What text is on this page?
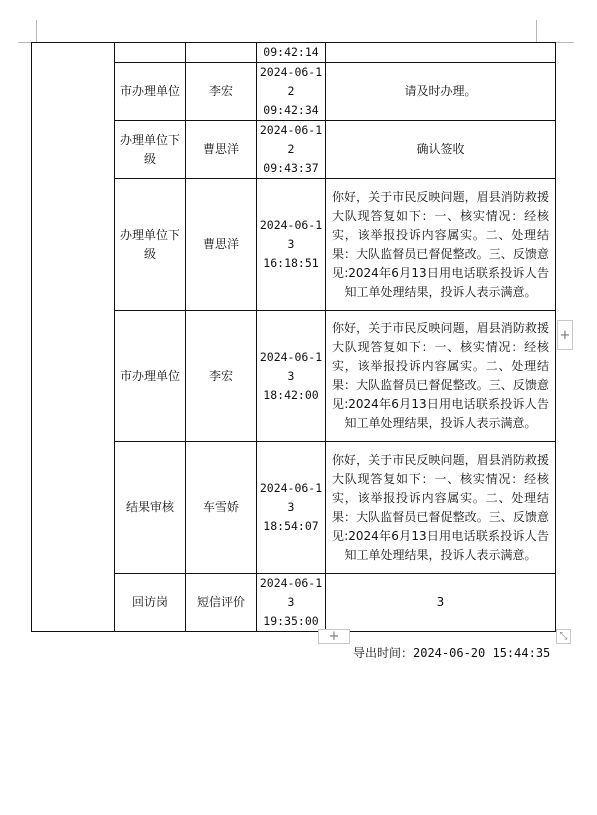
			09:42:14	

	市办理单位	李宏	2024-06-1
2
09:42:34	请及时办理。
	办理单位下级	曹思洋	2024-06-1
2
09:43:37	确认签收
	办理单位下级	曹思洋	2024-06-1
3
16:18:51	你好，关于市民反映问题，眉县消防救援大队现答复如下：一、核实情况：经核实，该举报投诉内容属实。二、处理结果：大队监督员已督促整改。三、反馈意见:2024年6月13日用电话联系投诉人告知工单处理结果，投诉人表示满意。
	市办理单位	李宏	2024-06-1
3
18:42:00	你好，关于市民反映问题，眉县消防救援大队现答复如下：一、核实情况：经核实，该举报投诉内容属实。二、处理结果：大队监督员已督促整改。三、反馈意见:2024年6月13日用电话联系投诉人告知工单处理结果，投诉人表示满意。
	结果审核	车雪娇	2024-06-1
3
18:54:07	你好，关于市民反映问题，眉县消防救援大队现答复如下：一、核实情况：经核实，该举报投诉内容属实。二、处理结果：大队监督员已督促整改。三、反馈意见:2024年6月13日用电话联系投诉人告知工单处理结果，投诉人表示满意。
	回访岗	短信评价	2024-06-1
3
19:35:00	3
+
+	⤡
导出时间：2024-06-20 15:44:35
